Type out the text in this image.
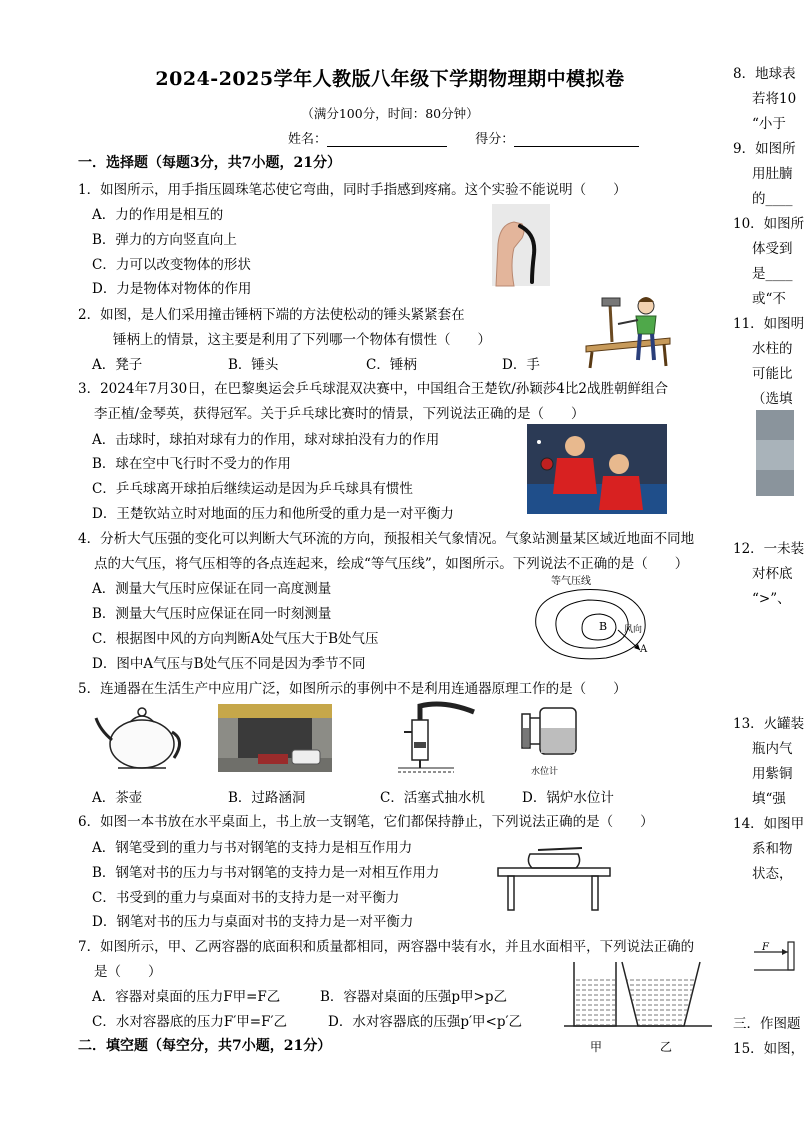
2024-2025学年人教版八年级下学期物理期中模拟卷
（满分100分，时间：80分钟）
姓名：	得分：
一．选择题（每题3分，共7小题，21分）
1．如图所示，用手指压圆珠笔芯使它弯曲，同时手指感到疼痛。这个实验不能说明（　　）
A．力的作用是相互的
B．弹力的方向竖直向上
C．力可以改变物体的形状
D．力是物体对物体的作用
2．如图，是人们采用撞击锤柄下端的方法使松动的锤头紧紧套在
锤柄上的情景，这主要是利用了下列哪一个物体有惯性（　　）
A．凳子	B．锤头	C．锤柄	D．手
3．2024年7月30日，在巴黎奥运会乒乓球混双决赛中，中国组合王楚钦/孙颖莎4比2战胜朝鲜组合
李正植/金琴英，获得冠军。关于乒乓球比赛时的情景，下列说法正确的是（　　）
A．击球时，球拍对球有力的作用，球对球拍没有力的作用
B．球在空中飞行时不受力的作用
C．乒乓球离开球拍后继续运动是因为乒乓球具有惯性
D．王楚钦站立时对地面的压力和他所受的重力是一对平衡力
4．分析大气压强的变化可以判断大气环流的方向，预报相关气象情况。气象站测量某区域近地面不同地
点的大气压，将气压相等的各点连起来，绘成“等气压线”，如图所示。下列说法不正确的是（　　）
A．测量大气压时应保证在同一高度测量
B．测量大气压时应保证在同一时刻测量
C．根据图中风的方向判断A处气压大于B处气压
D．图中A气压与B处气压不同是因为季节不同
等气压线
B
A
风向
5．连通器在生活生产中应用广泛，如图所示的事例中不是利用连通器原理工作的是（　　）
水位计
A．茶壶	B．过路涵洞	C．活塞式抽水机	D．锅炉水位计
6．如图一本书放在水平桌面上，书上放一支钢笔，它们都保持静止，下列说法正确的是（　　）
A．钢笔受到的重力与书对钢笔的支持力是相互作用力
B．钢笔对书的压力与书对钢笔的支持力是一对相互作用力
C．书受到的重力与桌面对书的支持力是一对平衡力
D．钢笔对书的压力与桌面对书的支持力是一对平衡力
7．如图所示，甲、乙两容器的底面积和质量都相同，两容器中装有水，并且水面相平，下列说法正确的
是（　　）
A．容器对桌面的压力F甲=F乙	B．容器对桌面的压强p甲>p乙
C．水对容器底的压力F′甲=F′乙	D．水对容器底的压强p′甲<p′乙
甲	乙
二．填空题（每空分，共7小题，21分）
8．地球表
若将10
“小于
9．如图所
用肚腩
的____
10．如图所
体受到
是____
或“不
11．如图明
水柱的
可能比
（选填
12．一未装
对杯底
“>”、
13．火罐装
瓶内气
用紫铜
填“强
14．如图甲
系和物
状态，
三．作图题
15．如图，
F
